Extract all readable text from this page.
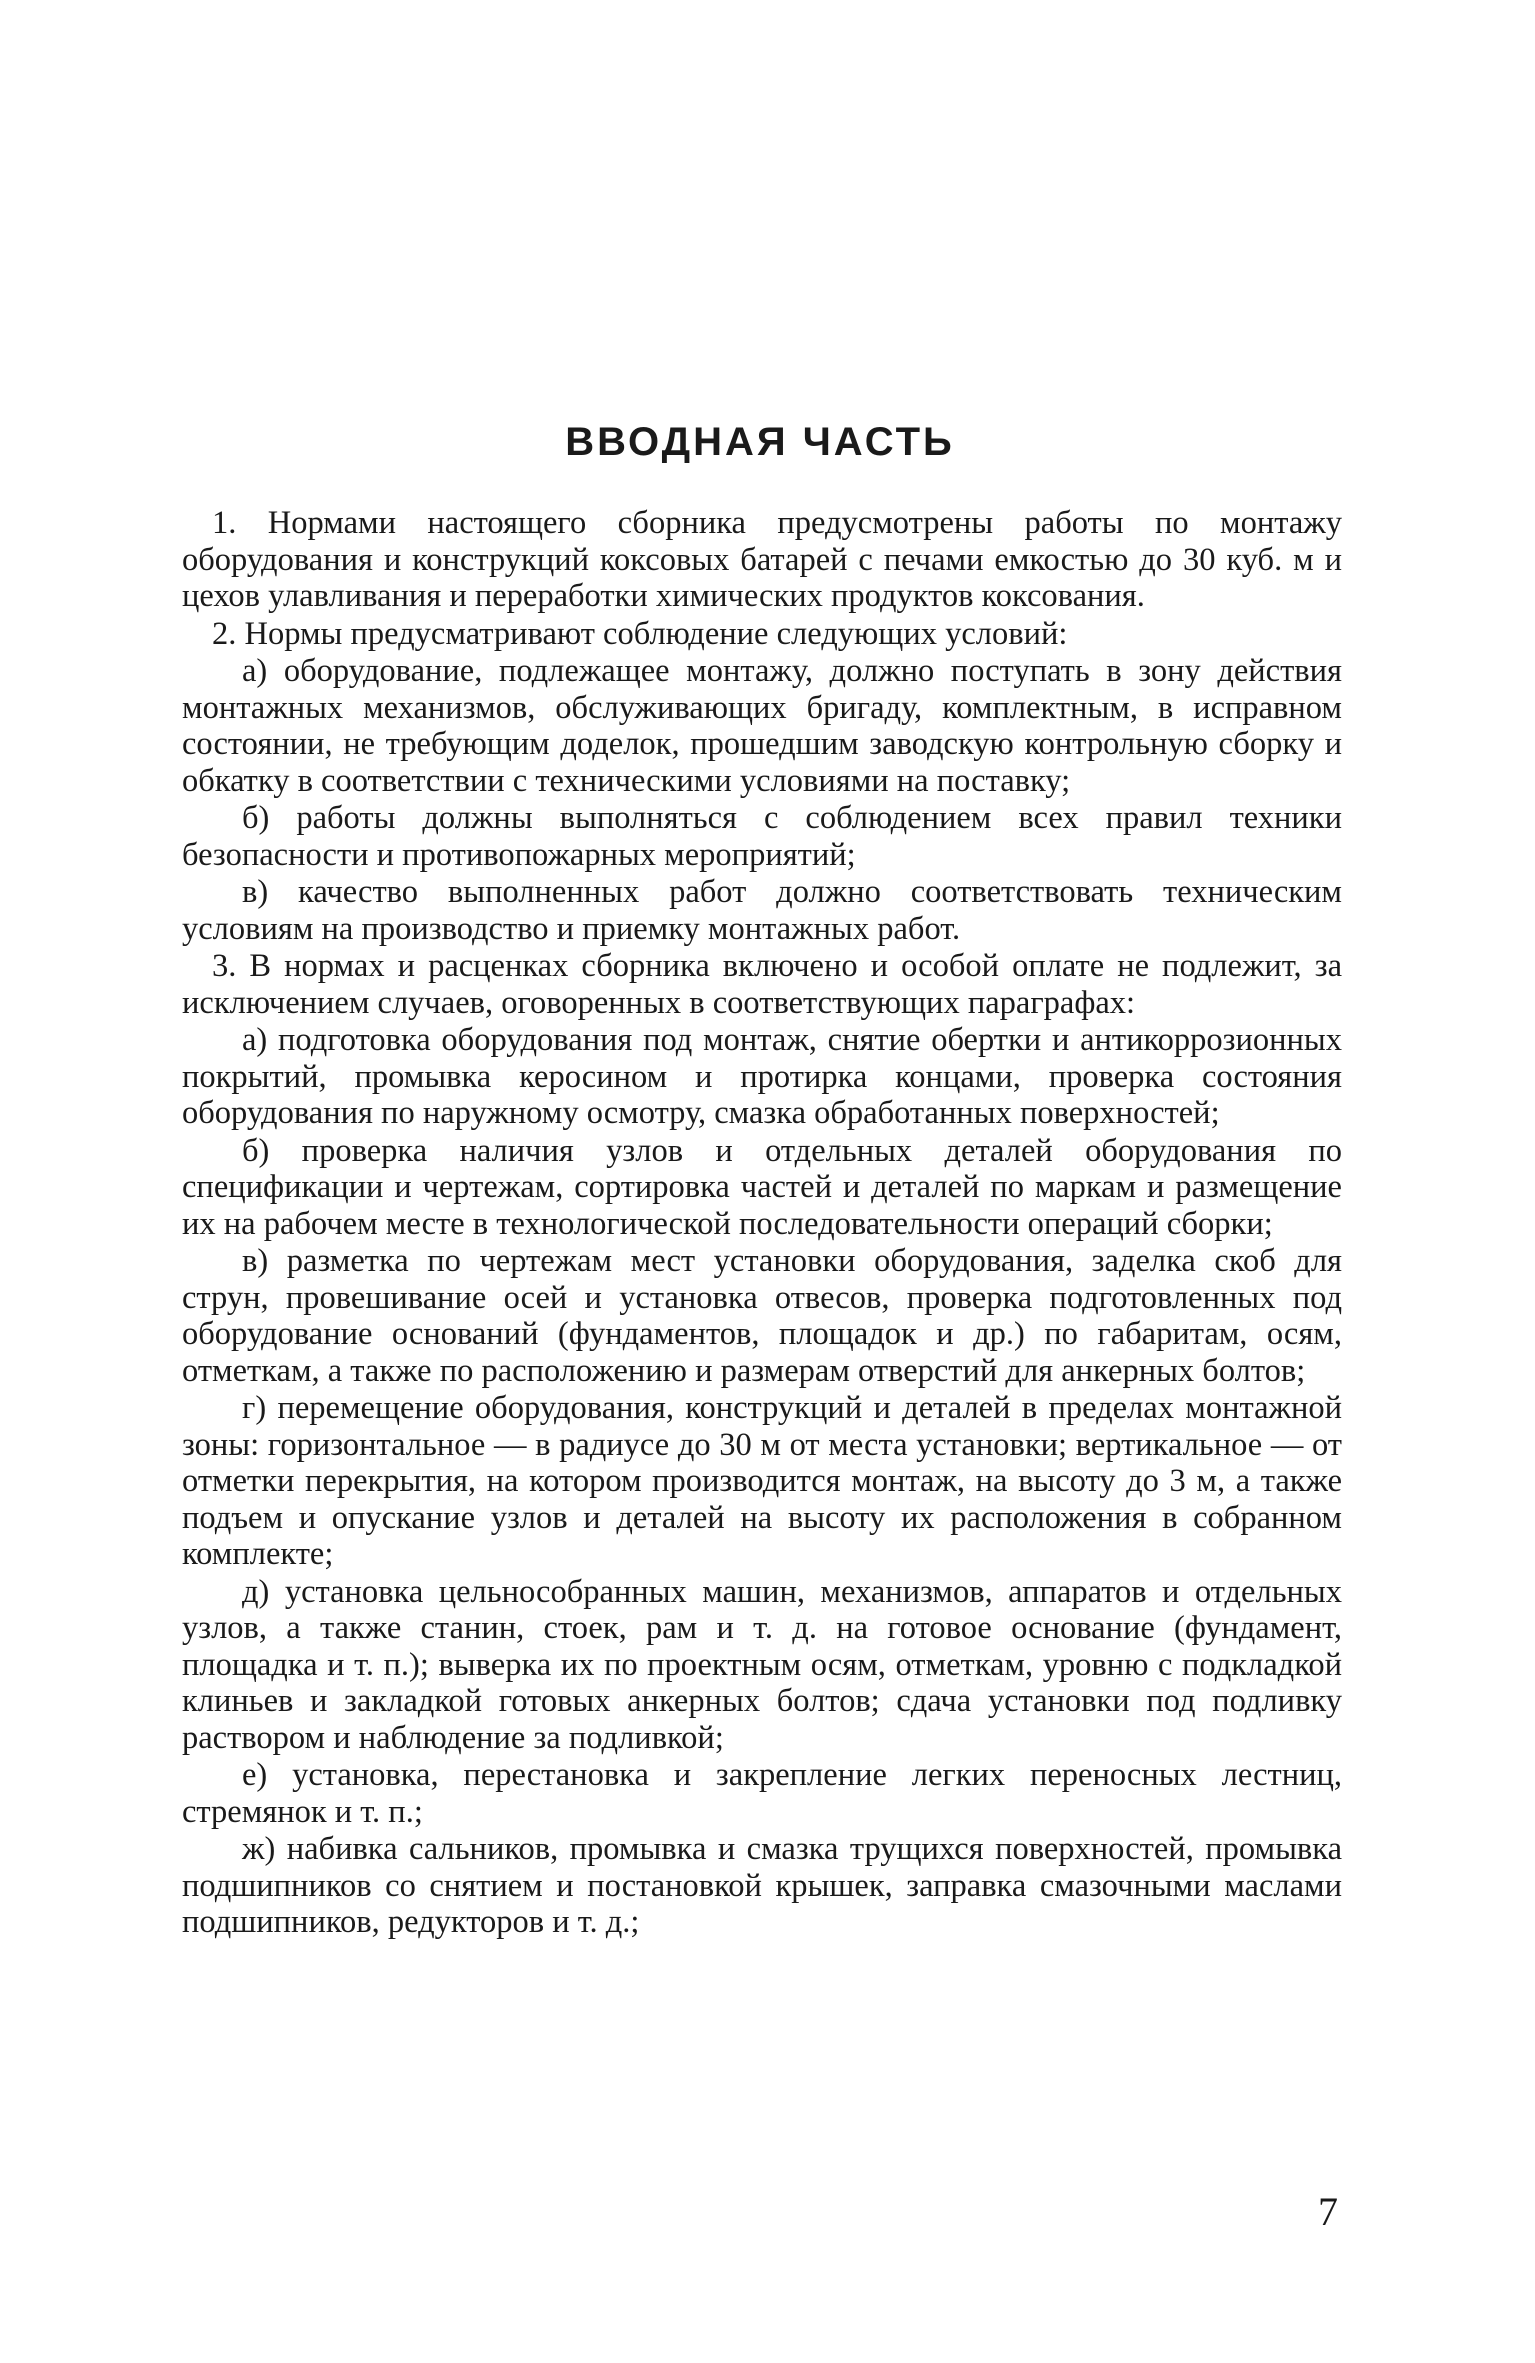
ВВОДНАЯ ЧАСТЬ

1. Нормами настоящего сборника предусмотрены работы по монтажу оборудования и конструкций коксовых батарей с печами емкостью до 30 куб. м и цехов улавливания и переработки химических продуктов коксования.

2. Нормы предусматривают соблюдение следующих условий:

а) оборудование, подлежащее монтажу, должно поступать в зону действия монтажных механизмов, обслуживающих бригаду, комплектным, в исправном состоянии, не требующим доделок, прошедшим заводскую контрольную сборку и обкатку в соответствии с техническими условиями на поставку;

б) работы должны выполняться с соблюдением всех правил техники безопасности и противопожарных мероприятий;

в) качество выполненных работ должно соответствовать техническим условиям на производство и приемку монтажных работ.

3. В нормах и расценках сборника включено и особой оплате не подлежит, за исключением случаев, оговоренных в соответствующих параграфах:

а) подготовка оборудования под монтаж, снятие обертки и антикоррозионных покрытий, промывка керосином и протирка концами, проверка состояния оборудования по наружному осмотру, смазка обработанных поверхностей;

б) проверка наличия узлов и отдельных деталей оборудования по спецификации и чертежам, сортировка частей и деталей по маркам и размещение их на рабочем месте в технологической последовательности операций сборки;

в) разметка по чертежам мест установки оборудования, заделка скоб для струн, провешивание осей и установка отвесов, проверка подготовленных под оборудование оснований (фундаментов, площадок и др.) по габаритам, осям, отметкам, а также по расположению и размерам отверстий для анкерных болтов;

г) перемещение оборудования, конструкций и деталей в пределах монтажной зоны: горизонтальное — в радиусе до 30 м от места установки; вертикальное — от отметки перекрытия, на котором производится монтаж, на высоту до 3 м, а также подъем и опускание узлов и деталей на высоту их расположения в собранном комплекте;

д) установка цельнособранных машин, механизмов, аппаратов и отдельных узлов, а также станин, стоек, рам и т. д. на готовое основание (фундамент, площадка и т. п.); выверка их по проектным осям, отметкам, уровню с подкладкой клиньев и закладкой готовых анкерных болтов; сдача установки под подливку раствором и наблюдение за подливкой;

е) установка, перестановка и закрепление легких переносных лестниц, стремянок и т. п.;

ж) набивка сальников, промывка и смазка трущихся поверхностей, промывка подшипников со снятием и постановкой крышек, заправка смазочными маслами подшипников, редукторов и т. д.;

7
